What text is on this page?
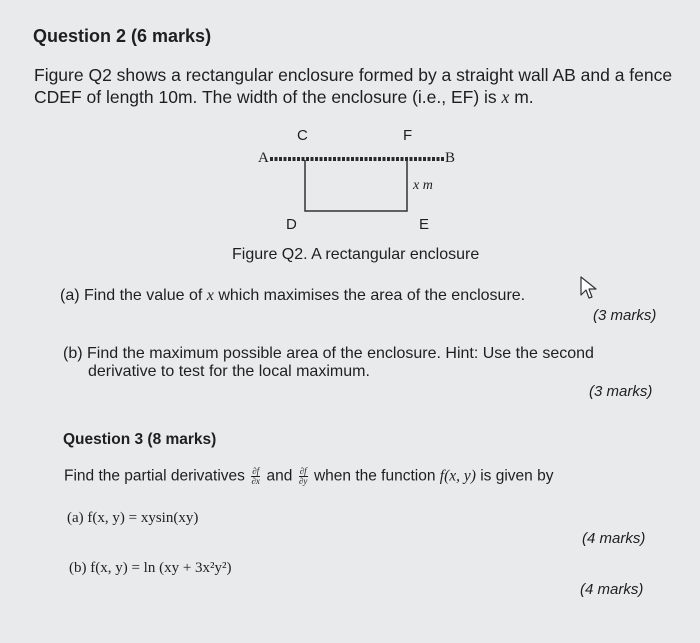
Question 2 (6 marks)
Figure Q2 shows a rectangular enclosure formed by a straight wall AB and a fence
CDEF of length 10m. The width of the enclosure (i.e., EF) is x m.
C	F
A	B
x m
D	E
Figure Q2. A rectangular enclosure
(a) Find the value of x which maximises the area of the enclosure.
(3 marks)
(b) Find the maximum possible area of the enclosure. Hint: Use the second
derivative to test for the local maximum.
(3 marks)
Question 3 (8 marks)
Find the partial derivatives $\frac{\partial f}{\partial x}$ and $\frac{\partial f}{\partial y}$ when the function f(x, y) is given by
(a) f(x, y) = xysin(xy)
(4 marks)
(b) f(x, y) = ln (xy + 3x²y²)
(4 marks)
